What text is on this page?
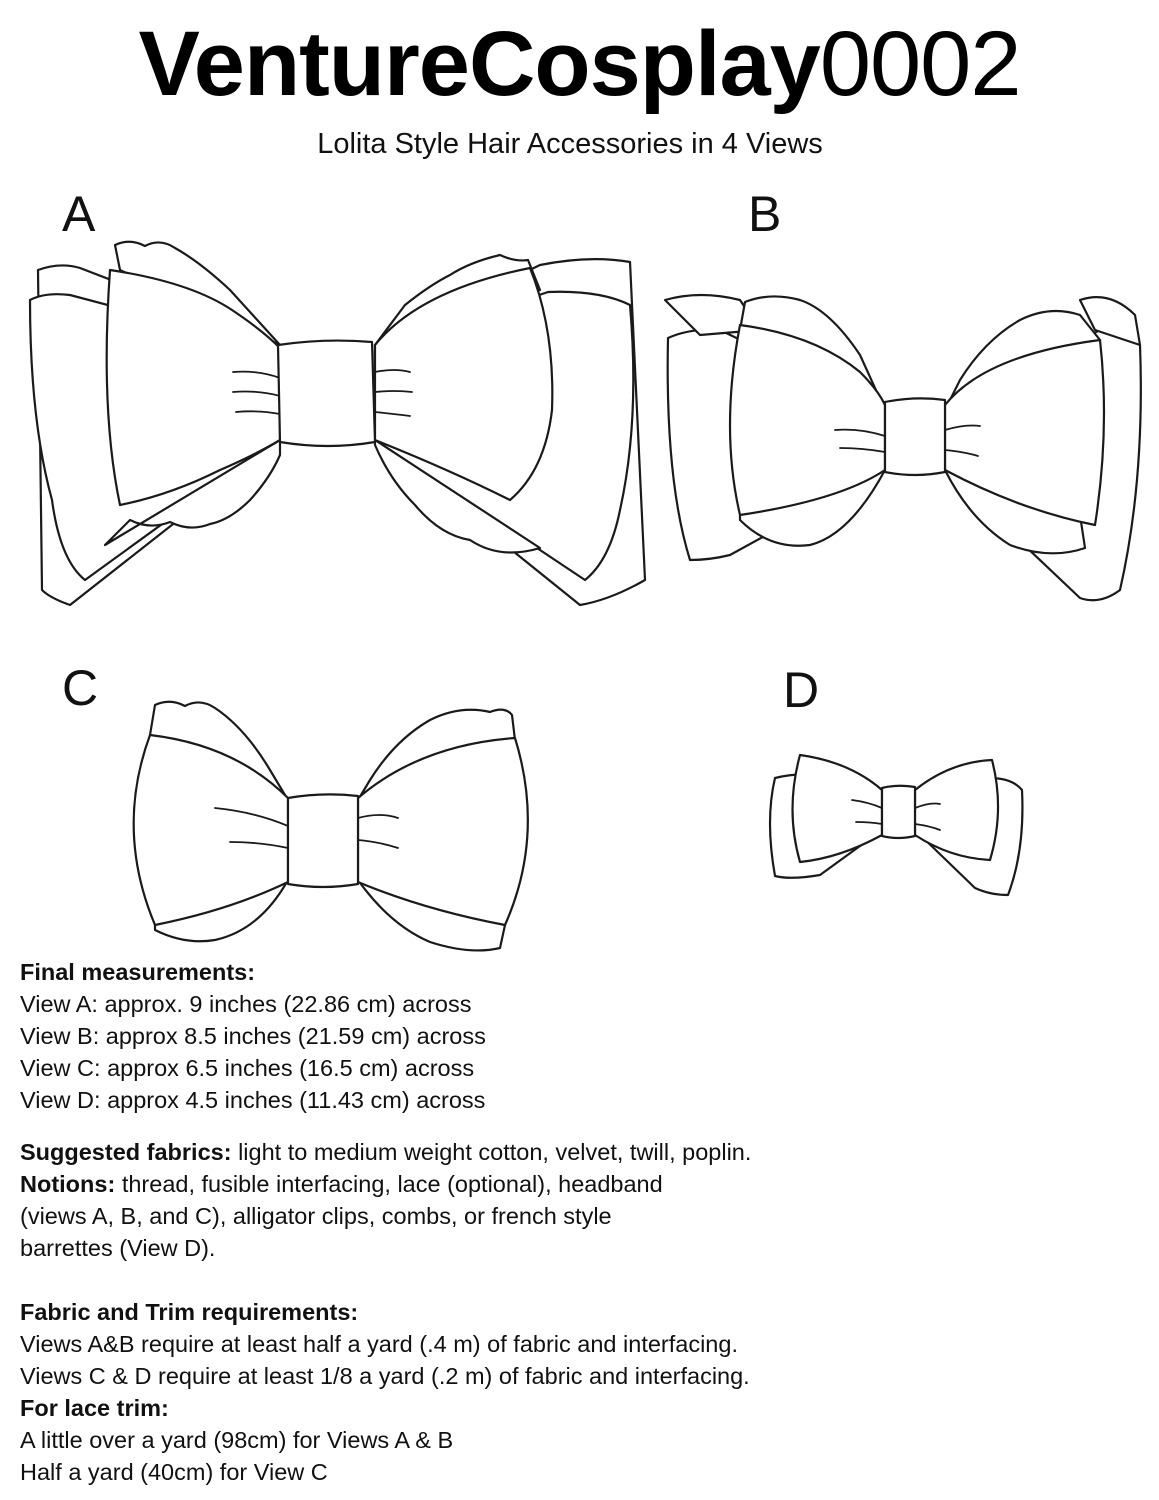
VentureCosplay0002
Lolita Style Hair Accessories in 4 Views
A	B
C	D

Final measurements:

View A: approx. 9 inches (22.86 cm) across

View B: approx 8.5 inches (21.59 cm) across

View C: approx 6.5 inches (16.5 cm) across

View D: approx 4.5 inches (11.43 cm) across

Suggested fabrics: light to medium weight cotton, velvet, twill, poplin.

Notions: thread, fusible interfacing, lace (optional), headband

(views A, B, and C), alligator clips, combs, or french style

barrettes (View D).

Fabric and Trim requirements:

Views A&B require at least half a yard (.4 m) of fabric and interfacing.

Views C & D require at least 1/8 a yard (.2 m) of fabric and interfacing.

For lace trim:

A little over a yard (98cm) for Views A & B

Half a yard (40cm) for View C
